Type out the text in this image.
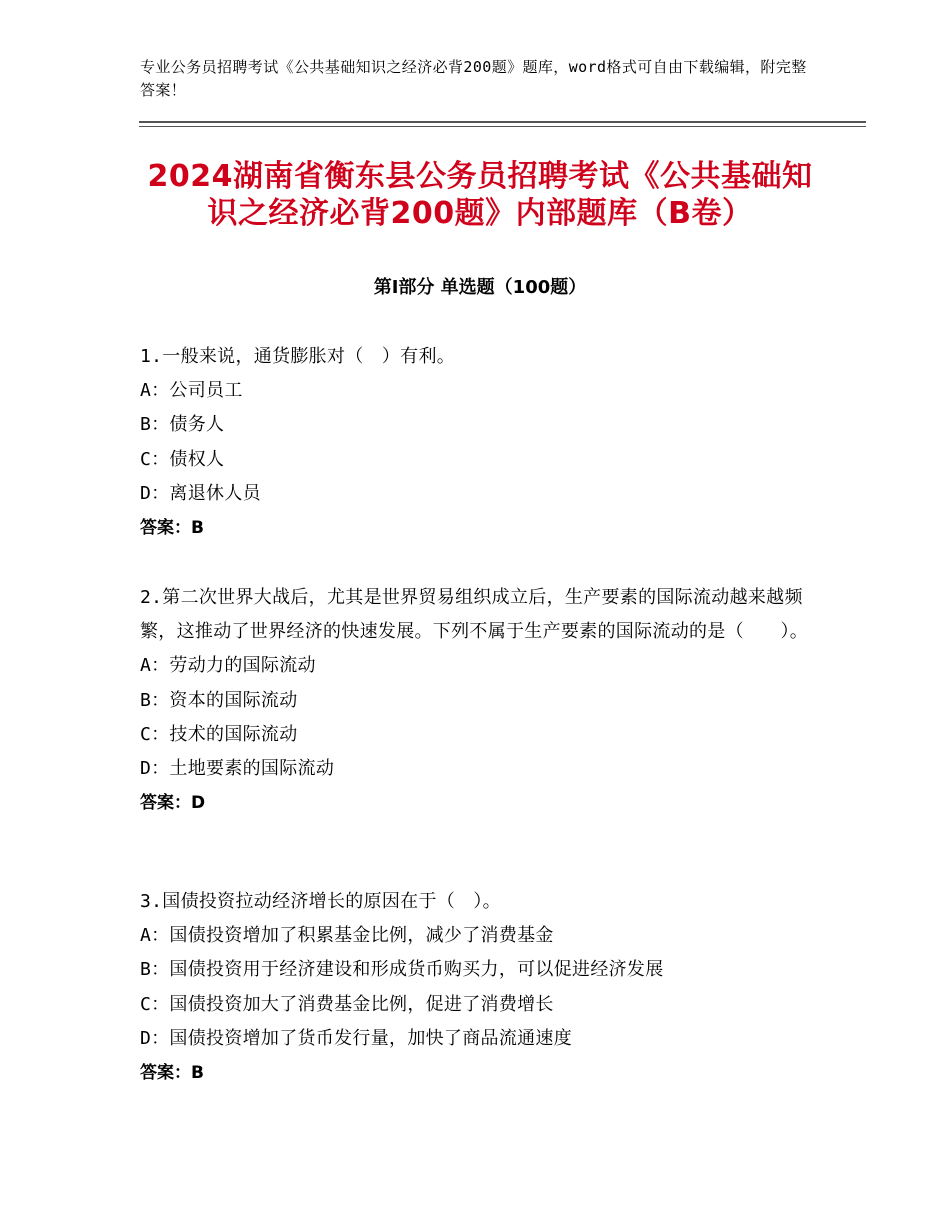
专业公务员招聘考试《公共基础知识之经济必背200题》题库，word格式可自由下载编辑，附完整答案！
2024湖南省衡东县公务员招聘考试《公共基础知识之经济必背200题》内部题库（B卷）
第Ⅰ部分 单选题（100题）

1.一般来说，通货膨胀对（　）有利。

A：公司员工

B：债务人

C：债权人

D：离退休人员

答案：B

2.第二次世界大战后，尤其是世界贸易组织成立后，生产要素的国际流动越来越频繁，这推动了世界经济的快速发展。下列不属于生产要素的国际流动的是（　　）。

A：劳动力的国际流动

B：资本的国际流动

C：技术的国际流动

D：土地要素的国际流动

答案：D

3.国债投资拉动经济增长的原因在于（　）。

A：国债投资增加了积累基金比例，减少了消费基金

B：国债投资用于经济建设和形成货币购买力，可以促进经济发展

C：国债投资加大了消费基金比例，促进了消费增长

D：国债投资增加了货币发行量，加快了商品流通速度

答案：B
